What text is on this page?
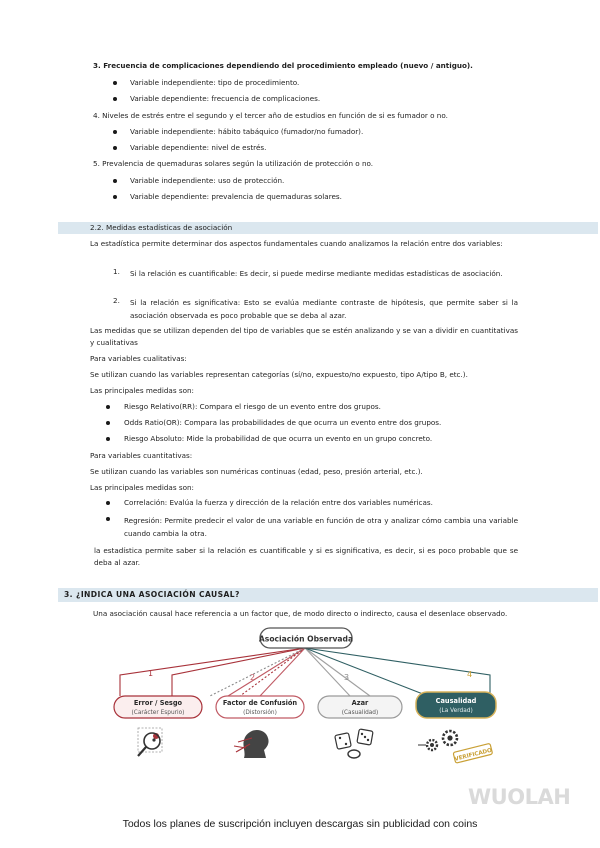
3. Frecuencia de complicaciones dependiendo del procedimiento empleado (nuevo / antiguo).
Variable independiente: tipo de procedimiento.
Variable dependiente: frecuencia de complicaciones.
4. Niveles de estrés entre el segundo y el tercer año de estudios en función de si es fumador o no.
Variable independiente: hábito tabáquico (fumador/no fumador).
Variable dependiente: nivel de estrés.
5. Prevalencia de quemaduras solares según la utilización de protección o no.
Variable independiente: uso de protección.
Variable dependiente: prevalencia de quemaduras solares.
2.2. Medidas estadísticas de asociación
La estadística permite determinar dos aspectos fundamentales cuando analizamos la relación entre dos variables:
1. Si la relación es cuantificable: Es decir, si puede medirse mediante medidas estadísticas de asociación.
2. Si la relación es significativa: Esto se evalúa mediante contraste de hipótesis, que permite saber si la asociación observada es poco probable que se deba al azar.
Las medidas que se utilizan dependen del tipo de variables que se estén analizando y se van a dividir en cuantitativas y cualitativas
Para variables cualitativas:
Se utilizan cuando las variables representan categorías (sí/no, expuesto/no expuesto, tipo A/tipo B, etc.).
Las principales medidas son:
Riesgo Relativo(RR): Compara el riesgo de un evento entre dos grupos.
Odds Ratio(OR): Compara las probabilidades de que ocurra un evento entre dos grupos.
Riesgo Absoluto: Mide la probabilidad de que ocurra un evento en un grupo concreto.
Para variables cuantitativas:
Se utilizan cuando las variables son numéricas continuas (edad, peso, presión arterial, etc.).
Las principales medidas son:
Correlación: Evalúa la fuerza y dirección de la relación entre dos variables numéricas.
Regresión: Permite predecir el valor de una variable en función de otra y analizar cómo cambia una variable cuando cambia la otra.
la estadística permite saber si la relación es cuantificable y si es significativa, es decir, si es poco probable que se deba al azar.
3. ¿INDICA UNA ASOCIACIÓN CAUSAL?
Una asociación causal hace referencia a un factor que, de modo directo o indirecto, causa el desenlace observado.
Asociación Observada
1	2	3	4
Error / Sesgo
(Carácter Espurio)
Factor de Confusión
(Distorsión)
Azar
(Casualidad)
Causalidad
(La Verdad)
VERIFICADO
WUOLAH
Todos los planes de suscripción incluyen descargas sin publicidad con coins
